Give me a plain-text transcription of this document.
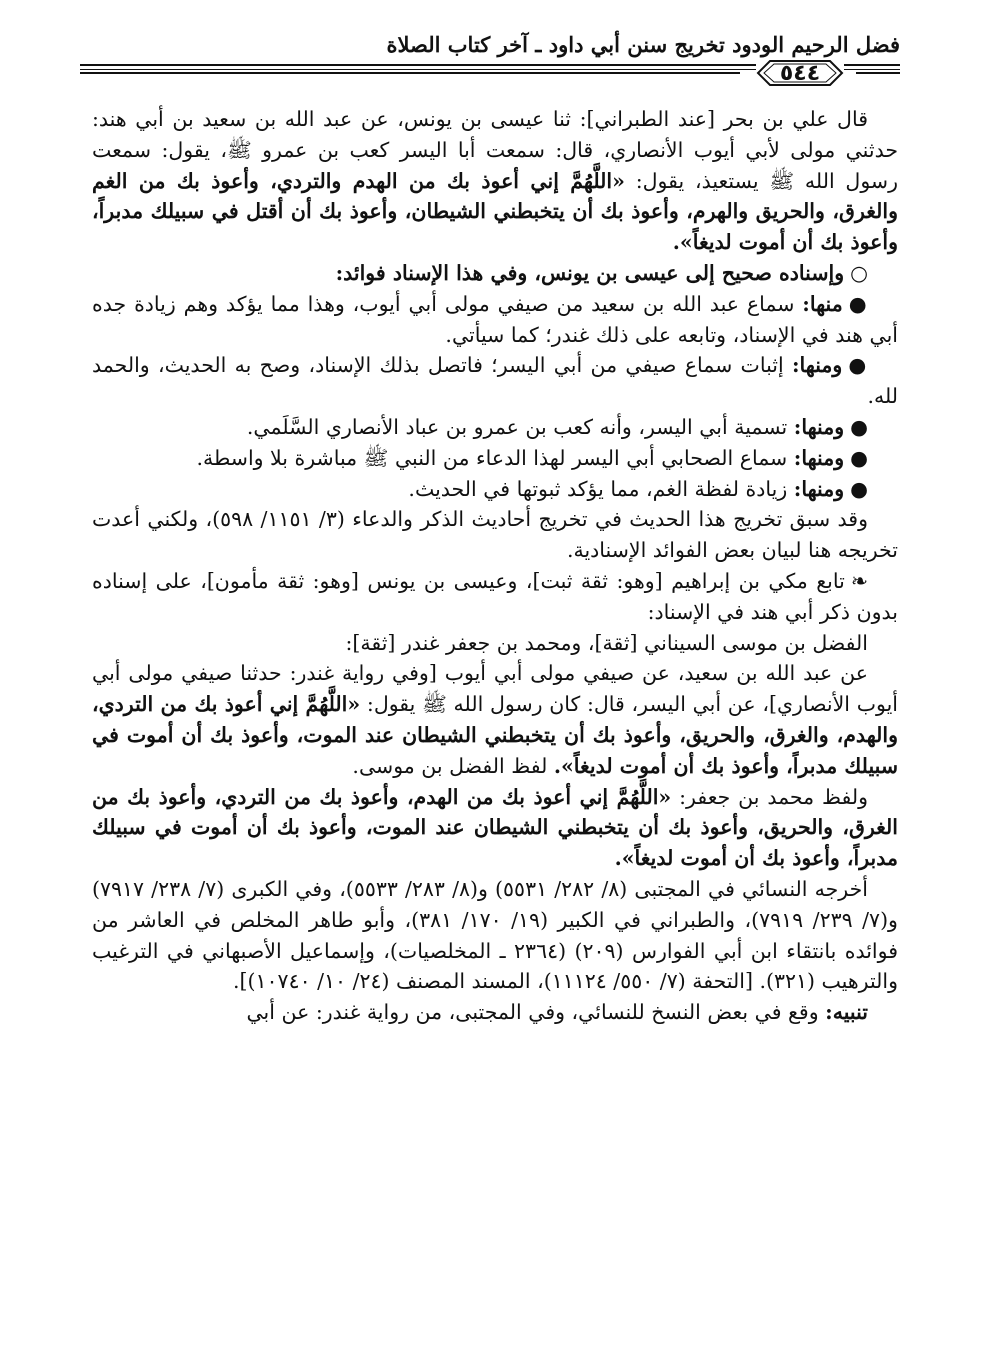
فضل الرحيم الودود تخريج سنن أبي داود ـ آخر كتاب الصلاة
٥٤٤

قال علي بن بحر [عند الطبراني]: ثنا عيسى بن يونس، عن عبد الله بن سعيد بن أبي هند: حدثني مولى لأبي أيوب الأنصاري، قال: سمعت أبا اليسر كعب بن عمرو ﷺ، يقول: سمعت رسول الله ﷺ يستعيذ، يقول: «اللَّهُمَّ إني أعوذ بك من الهدم والتردي، وأعوذ بك من الغم والغرق، والحريق والهرم، وأعوذ بك أن يتخبطني الشيطان، وأعوذ بك أن أقتل في سبيلك مدبراً، وأعوذ بك أن أموت لديغاً».

○وإسناده صحيح إلى عيسى بن يونس، وفي هذا الإسناد فوائد:

●منها: سماع عبد الله بن سعيد من صيفي مولى أبي أيوب، وهذا مما يؤكد وهم زيادة جده أبي هند في الإسناد، وتابعه على ذلك غندر؛ كما سيأتي.

●ومنها: إثبات سماع صيفي من أبي اليسر؛ فاتصل بذلك الإسناد، وصح به الحديث، والحمد لله.

●ومنها: تسمية أبي اليسر، وأنه كعب بن عمرو بن عباد الأنصاري السَّلَمي.

●ومنها: سماع الصحابي أبي اليسر لهذا الدعاء من النبي ﷺ مباشرة بلا واسطة.

●ومنها: زيادة لفظة الغم، مما يؤكد ثبوتها في الحديث.

وقد سبق تخريج هذا الحديث في تخريج أحاديث الذكر والدعاء (٣/ ١١٥١/ ٥٩٨)، ولكني أعدت تخريجه هنا لبيان بعض الفوائد الإسنادية.

❧تابع مكي بن إبراهيم [وهو: ثقة ثبت]، وعيسى بن يونس [وهو: ثقة مأمون]، على إسناده بدون ذكر أبي هند في الإسناد:

الفضل بن موسى السيناني [ثقة]، ومحمد بن جعفر غندر [ثقة]:

عن عبد الله بن سعيد، عن صيفي مولى أبي أيوب [وفي رواية غندر: حدثنا صيفي مولى أبي أيوب الأنصاري]، عن أبي اليسر، قال: كان رسول الله ﷺ يقول: «اللَّهُمَّ إني أعوذ بك من التردي، والهدم، والغرق، والحريق، وأعوذ بك أن يتخبطني الشيطان عند الموت، وأعوذ بك أن أموت في سبيلك مدبراً، وأعوذ بك أن أموت لديغاً». لفظ الفضل بن موسى.

ولفظ محمد بن جعفر: «اللَّهُمَّ إني أعوذ بك من الهدم، وأعوذ بك من التردي، وأعوذ بك من الغرق، والحريق، وأعوذ بك أن يتخبطني الشيطان عند الموت، وأعوذ بك أن أموت في سبيلك مدبراً، وأعوذ بك أن أموت لديغاً».

أخرجه النسائي في المجتبى (٨/ ٢٨٢/ ٥٥٣١) و(٨/ ٢٨٣/ ٥٥٣٣)، وفي الكبرى (٧/ ٢٣٨/ ٧٩١٧) و(٧/ ٢٣٩/ ٧٩١٩)، والطبراني في الكبير (١٩/ ١٧٠/ ٣٨١)، وأبو طاهر المخلص في العاشر من فوائده بانتقاء ابن أبي الفوارس (٢٠٩) (٢٣٦٤ ـ المخلصيات)، وإسماعيل الأصبهاني في الترغيب والترهيب (٣٢١). [التحفة (٧/ ٥٥٠/ ١١١٢٤)، المسند المصنف (٢٤/ ١٠/ ١٠٧٤٠)].

تنبيه: وقع في بعض النسخ للنسائي، وفي المجتبى، من رواية غندر: عن أبي
